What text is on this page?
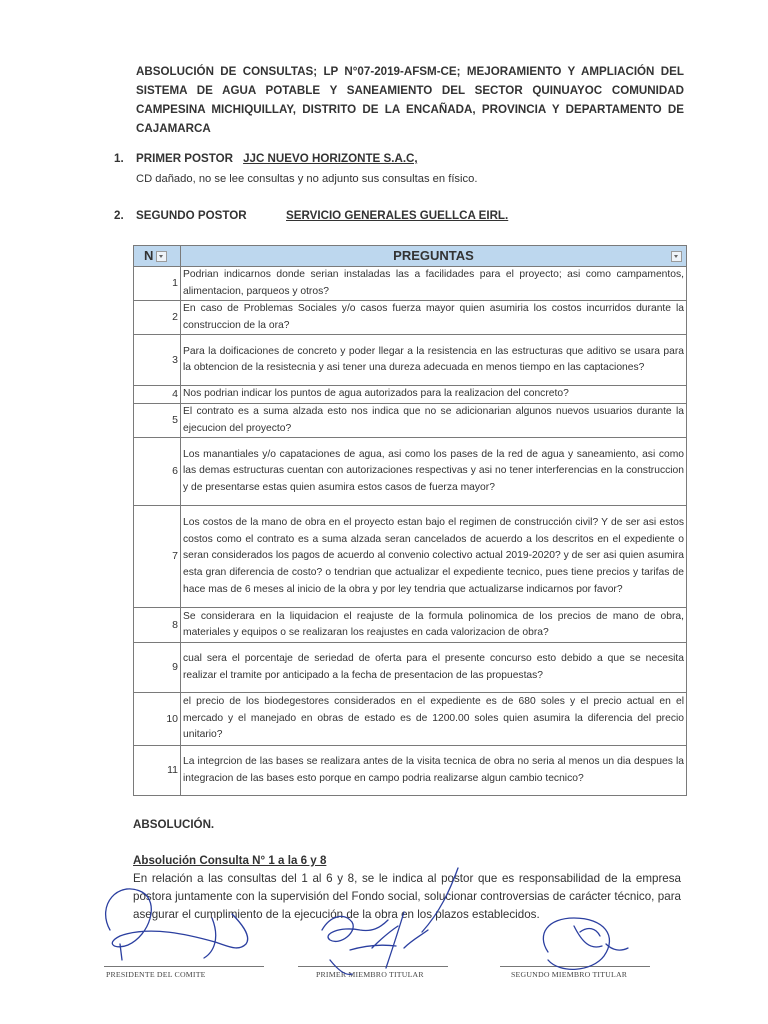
ABSOLUCIÓN DE CONSULTAS; LP N°07-2019-AFSM-CE; MEJORAMIENTO Y AMPLIACIÓN DEL SISTEMA DE AGUA POTABLE Y SANEAMIENTO DEL SECTOR QUINUAYOC COMUNIDAD CAMPESINA MICHIQUILLAY, DISTRITO DE LA ENCAÑADA, PROVINCIA Y DEPARTAMENTO DE CAJAMARCA
1. PRIMER POSTOR JJC NUEVO HORIZONTE S.A.C,
CD dañado, no se lee consultas y no adjunto sus consultas en físico.
2. SEGUNDO POSTOR	SERVICIO GENERALES GUELLCA EIRL.
N	PREGUNTAS

1	Podrian indicarnos donde serian instaladas las a facilidades para el proyecto; asi como campamentos, alimentacion, parqueos y otros?
2	En caso de Problemas Sociales y/o casos fuerza mayor quien asumiria los costos incurridos durante la construccion de la ora?
3	Para la doificaciones de concreto y poder llegar a la resistencia en las estructuras que aditivo se usara para la obtencion de la resistecnia y asi tener una dureza adecuada en menos tiempo en las captaciones?
4	Nos podrian indicar los puntos de agua autorizados para la realizacion del concreto?
5	El contrato es a suma alzada esto nos indica que no se adicionarian algunos nuevos usuarios durante la ejecucion del proyecto?
6	Los manantiales y/o capataciones de agua, asi como los pases de la red de agua y saneamiento, asi como las demas estructuras cuentan con autorizaciones respectivas y asi no tener interferencias en la construccion y de presentarse estas quien asumira estos casos de fuerza mayor?
7	Los costos de la mano de obra en el proyecto estan bajo el regimen de construcción civil? Y de ser asi estos costos como el contrato es a suma alzada seran cancelados de acuerdo a los descritos en el expediente o seran considerados los pagos de acuerdo al convenio colectivo actual 2019-2020? y de ser asi quien asumira esta gran diferencia de costo? o tendrian que actualizar el expediente tecnico, pues tiene precios y tarifas de hace mas de 6 meses al inicio de la obra y por ley tendria que actualizarse indicarnos por favor?
8	Se considerara en la liquidacion el reajuste de la formula polinomica de los precios de mano de obra, materiales y equipos o se realizaran los reajustes en cada valorizacion de obra?
9	cual sera el porcentaje de seriedad de oferta para el presente concurso esto debido a que se necesita realizar el tramite por anticipado a la fecha de presentacion de las propuestas?
10	el precio de los biodegestores considerados en el expediente es de 680 soles y el precio actual en el mercado y el manejado en obras de estado es de 1200.00 soles quien asumira la diferencia del precio unitario?
11	La integrcion de las bases se realizara antes de la visita tecnica de obra no seria al menos un dia despues la integracion de las bases esto porque en campo podria realizarse algun cambio tecnico?
ABSOLUCIÓN.
Absolución Consulta N° 1 a la 6 y 8
En relación a las consultas del 1 al 6 y 8, se le indica al postor que es responsabilidad de la empresa postora juntamente con la supervisión del Fondo social, solucionar controversias de carácter técnico, para asegurar el cumplimiento de la ejecución de la obra en los plazos establecidos.
PRESIDENTE DEL COMITE	PRIMER MIEMBRO TITULAR	SEGUNDO MIEMBRO TITULAR
